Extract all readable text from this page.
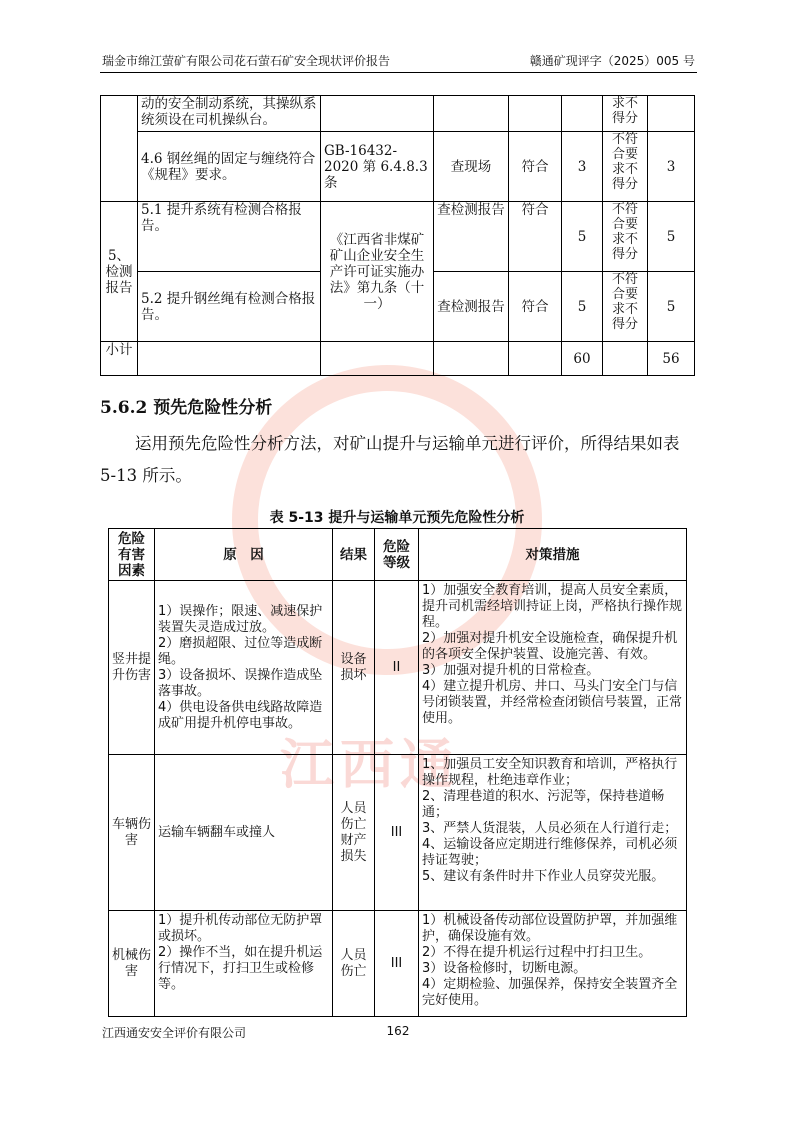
江西通
瑞金市绵江萤矿有限公司花石萤石矿安全现状评价报告	赣通矿现评字（2025）005 号
	动的安全制动系统，其操纵系统须设在司机操纵台。					求不得分	
	4.6 钢丝绳的固定与缠绕符合《规程》要求。	GB-16432-2020 第 6.4.8.3 条	查现场	符合	3	不符合要求不得分	3
5、检测报告	5.1 提升系统有检测合格报告。	《江西省非煤矿矿山企业安全生产许可证实施办法》第九条（十一）	查检测报告	符合	5	不符合要求不得分	5
	5.2 提升钢丝绳有检测合格报告。		查检测报告	符合	5	不符合要求不得分	5
小计					60		56
5.6.2 预先危险性分析

运用预先危险性分析方法，对矿山提升与运输单元进行评价，所得结果如表 5-13 所示。

表 5-13 提升与运输单元预先危险性分析
危险有害因素	原　因	结果	危险等级	对策措施
竖井提升伤害	1）误操作；限速、减速保护装置失灵造成过放。
2）磨损超限、过位等造成断绳。
3）设备损坏、误操作造成坠落事故。
4）供电设备供电线路故障造成矿用提升机停电事故。	设备损坏	II	1）加强安全教育培训，提高人员安全素质，提升司机需经培训持证上岗，严格执行操作规程。
2）加强对提升机安全设施检查，确保提升机的各项安全保护装置、设施完善、有效。
3）加强对提升机的日常检查。
4）建立提升机房、井口、马头门安全门与信号闭锁装置，并经常检查闭锁信号装置，正常使用。

车辆伤害	运输车辆翻车或撞人	人员伤亡财产损失	III	1、加强员工安全知识教育和培训，严格执行操作规程，杜绝违章作业；
2、清理巷道的积水、污泥等，保持巷道畅通；
3、严禁人货混装，人员必须在人行道行走；
4、运输设备应定期进行维修保养，司机必须持证驾驶；
5、建议有条件时井下作业人员穿荧光服。

机械伤害	1）提升机传动部位无防护罩或损坏。
2）操作不当，如在提升机运行情况下，打扫卫生或检修等。	人员伤亡	III	1）机械设备传动部位设置防护罩，并加强维护，确保设施有效。
2）不得在提升机运行过程中打扫卫生。
3）设备检修时，切断电源。
4）定期检验、加强保养，保持安全装置齐全完好使用。
江西通安安全评价有限公司	162
